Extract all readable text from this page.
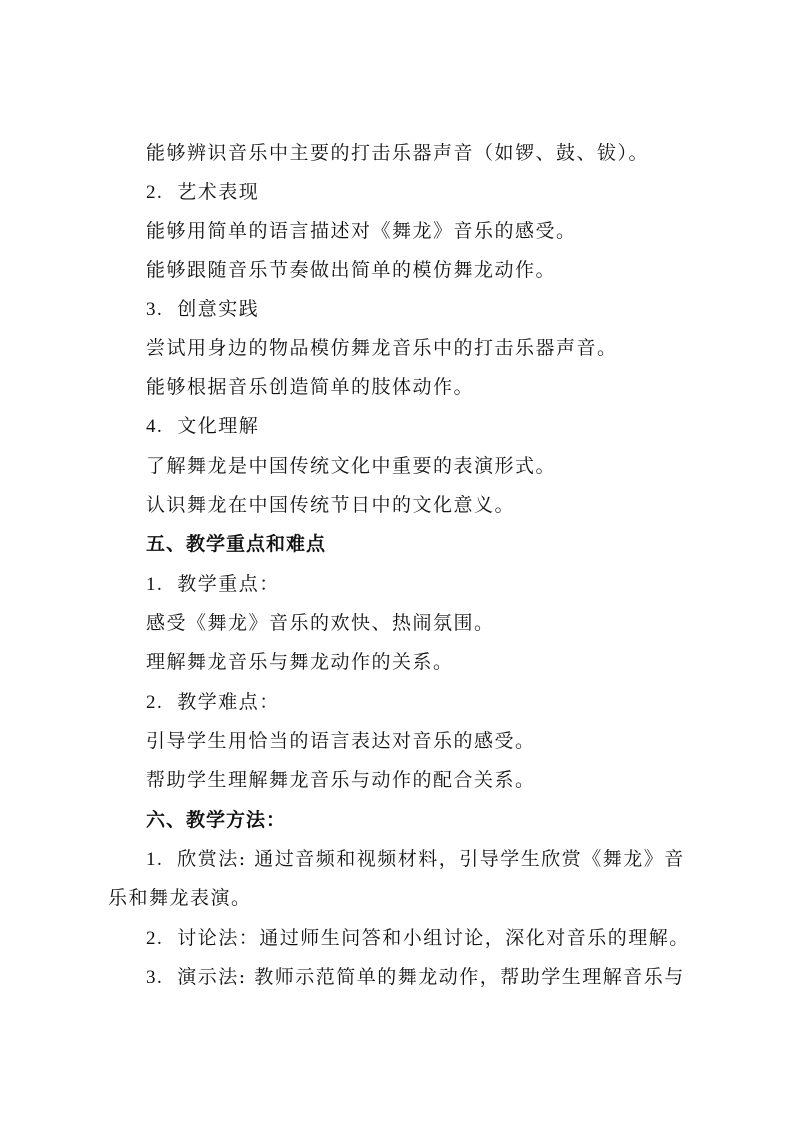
能够辨识音乐中主要的打击乐器声音（如锣、鼓、钹）。
2. 艺术表现
能够用简单的语言描述对《舞龙》音乐的感受。
能够跟随音乐节奏做出简单的模仿舞龙动作。
3. 创意实践
尝试用身边的物品模仿舞龙音乐中的打击乐器声音。
能够根据音乐创造简单的肢体动作。
4. 文化理解
了解舞龙是中国传统文化中重要的表演形式。
认识舞龙在中国传统节日中的文化意义。
五、教学重点和难点
1. 教学重点：
感受《舞龙》音乐的欢快、热闹氛围。
理解舞龙音乐与舞龙动作的关系。
2. 教学难点：
引导学生用恰当的语言表达对音乐的感受。
帮助学生理解舞龙音乐与动作的配合关系。
六、教学方法：
1. 欣赏法: 通过音频和视频材料，引导学生欣赏《舞龙》音
乐和舞龙表演。
2. 讨论法：通过师生问答和小组讨论，深化对音乐的理解。
3. 演示法: 教师示范简单的舞龙动作，帮助学生理解音乐与
